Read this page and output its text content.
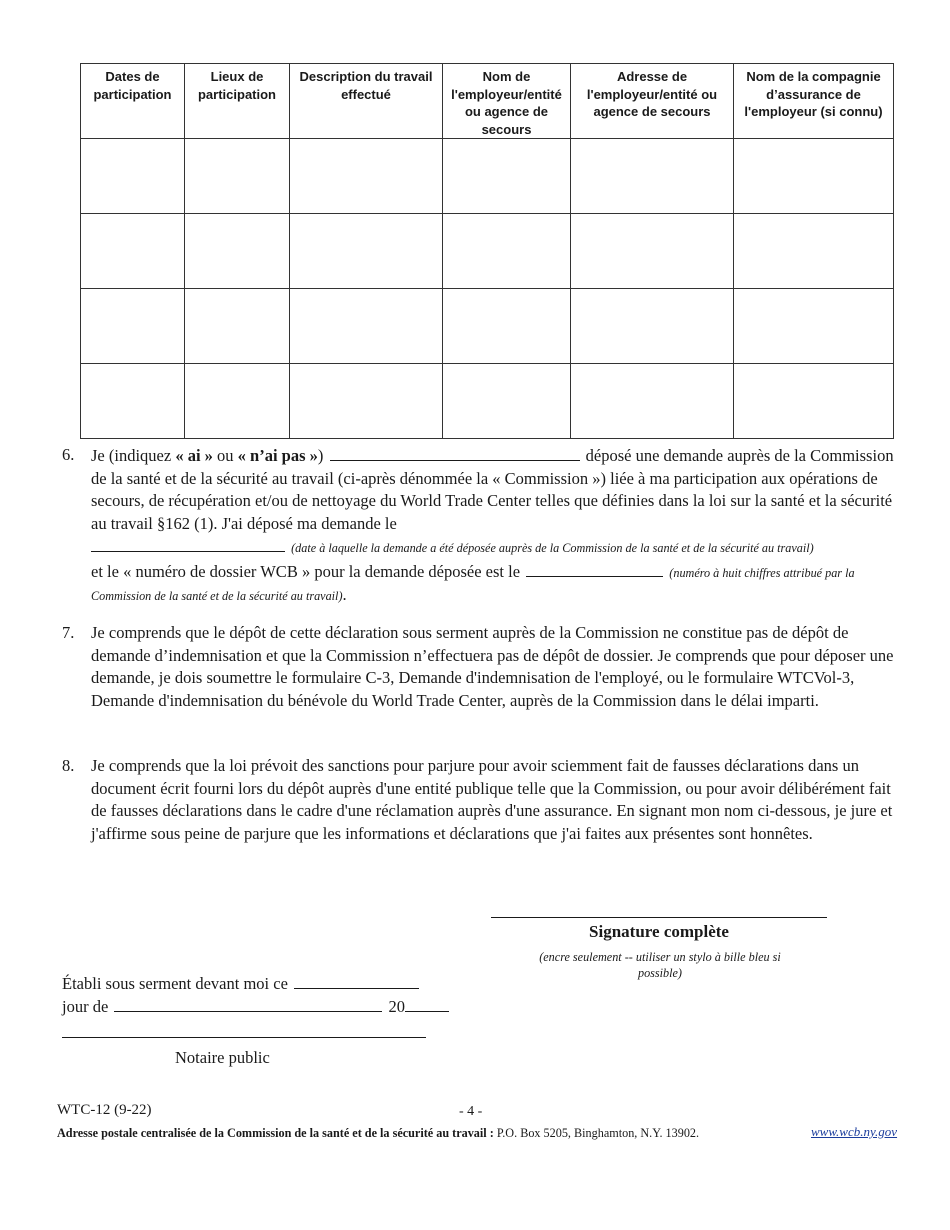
Dates de participation	Lieux de participation	Description du travail effectué	Nom de l'employeur/entité ou agence de secours	Adresse de l'employeur/entité ou agence de secours	Nom de la compagnie d’assurance de l'employeur (si connu)

6. Je (indiquez « ai » ou « n’ai pas »)	déposé une demande auprès de la Commission de la santé et de la sécurité au travail (ci-après dénommée la « Commission ») liée à ma participation aux opérations de secours, de récupération et/ou de nettoyage du World Trade Center telles que définies dans la loi sur la santé et la sécurité au travail §162 (1). J'ai déposé ma demande le
(date à laquelle la demande a été déposée auprès de la Commission de la santé et de la sécurité au travail)
et le « numéro de dossier WCB » pour la demande déposée est le	(numéro à huit chiffres attribué par la Commission de la santé et de la sécurité au travail).
7. Je comprends que le dépôt de cette déclaration sous serment auprès de la Commission ne constitue pas de dépôt de demande d’indemnisation et que la Commission n’effectuera pas de dépôt de dossier. Je comprends que pour déposer une demande, je dois soumettre le formulaire C-3, Demande d'indemnisation de l'employé, ou le formulaire WTCVol-3, Demande d'indemnisation du bénévole du World Trade Center, auprès de la Commission dans le délai imparti.
8. Je comprends que la loi prévoit des sanctions pour parjure pour avoir sciemment fait de fausses déclarations dans un document écrit fourni lors du dépôt auprès d'une entité publique telle que la Commission, ou pour avoir délibérément fait de fausses déclarations dans le cadre d'une réclamation auprès d'une assurance. En signant mon nom ci-dessous, je jure et j'affirme sous peine de parjure que les informations et déclarations que j'ai faites aux présentes sont honnêtes.
Signature complète
(encre seulement -- utiliser un stylo à bille bleu si possible)
Établi sous serment devant moi ce
jour de	20
Notaire public
WTC-12 (9-22)	- 4 -
Adresse postale centralisée de la Commission de la santé et de la sécurité au travail : P.O. Box 5205, Binghamton, N.Y. 13902.	www.wcb.ny.gov
